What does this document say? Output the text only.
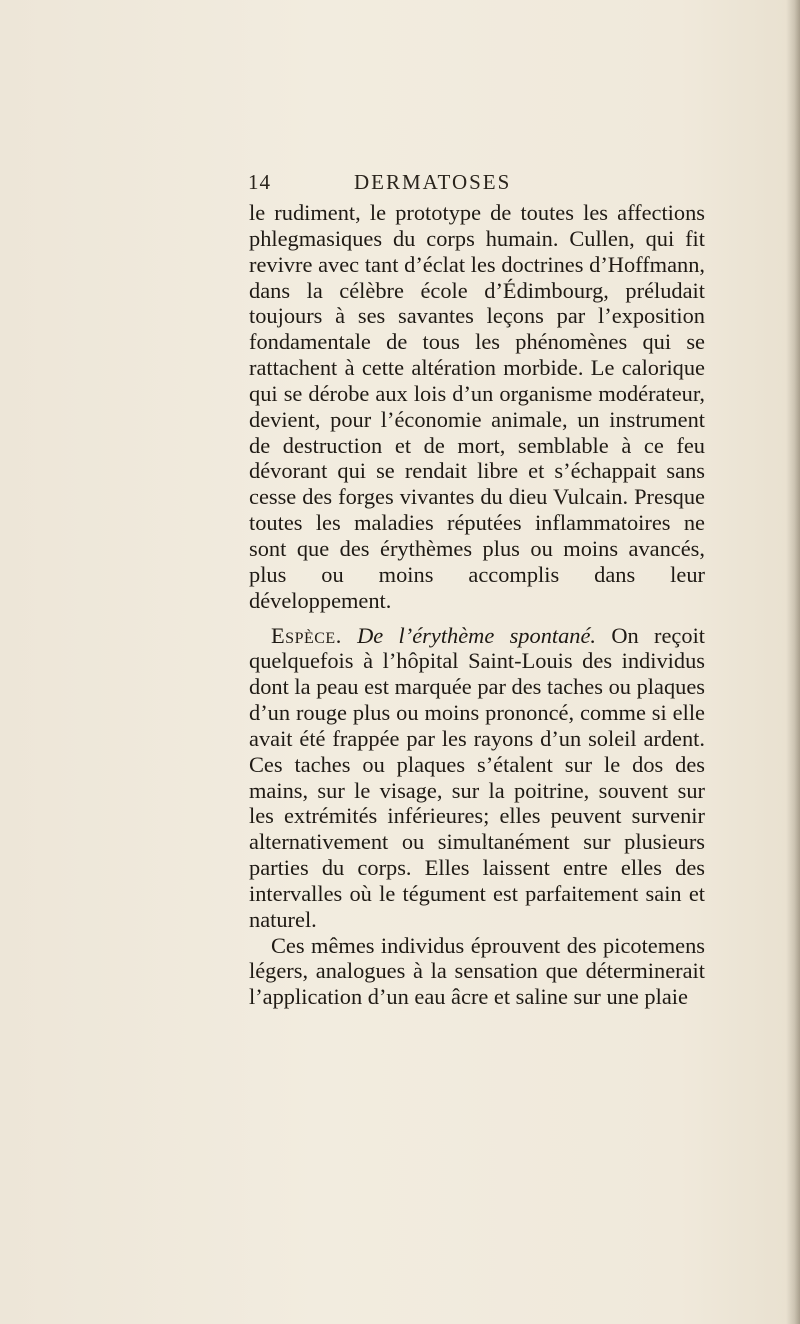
14	DERMATOSES

le rudiment, le prototype de toutes les affections phlegmasiques du corps humain. Cullen, qui fit revivre avec tant d’éclat les doctrines d’Hoffmann, dans la célèbre école d’Édimbourg, préludait toujours à ses savantes leçons par l’exposition fondamentale de tous les phénomènes qui se rattachent à cette altération morbide. Le calorique qui se dérobe aux lois d’un organisme modérateur, devient, pour l’économie animale, un instrument de destruction et de mort, semblable à ce feu dévorant qui se rendait libre et s’échappait sans cesse des forges vivantes du dieu Vulcain. Presque toutes les maladies réputées inflammatoires ne sont que des érythèmes plus ou moins avancés, plus ou moins accomplis dans leur développement.

Espèce. De l’érythème spontané. On reçoit quelquefois à l’hôpital Saint-Louis des individus dont la peau est marquée par des taches ou plaques d’un rouge plus ou moins prononcé, comme si elle avait été frappée par les rayons d’un soleil ardent. Ces taches ou plaques s’étalent sur le dos des mains, sur le visage, sur la poitrine, souvent sur les extrémités inférieures; elles peuvent survenir alternativement ou simultanément sur plusieurs parties du corps. Elles laissent entre elles des intervalles où le tégument est parfaitement sain et naturel.

Ces mêmes individus éprouvent des picotemens légers, analogues à la sensation que déterminerait l’application d’un eau âcre et saline sur une plaie
